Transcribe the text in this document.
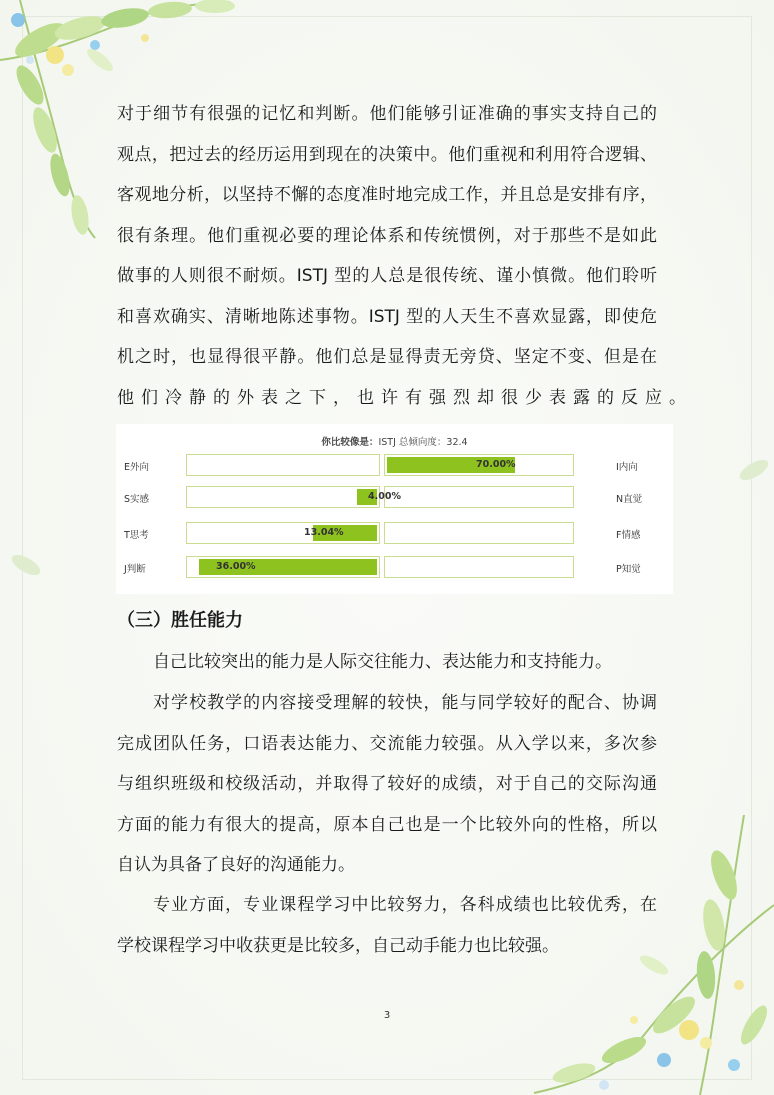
对于细节有很强的记忆和判断。他们能够引证准确的事实支持自己的
观点，把过去的经历运用到现在的决策中。他们重视和利用符合逻辑、
客观地分析，以坚持不懈的态度准时地完成工作，并且总是安排有序，
很有条理。他们重视必要的理论体系和传统惯例，对于那些不是如此
做事的人则很不耐烦。ISTJ 型的人总是很传统、谨小慎微。他们聆听
和喜欢确实、清晰地陈述事物。ISTJ 型的人天生不喜欢显露，即使危
机之时，也显得很平静。他们总是显得责无旁贷、坚定不变、但是在
他们冷静的外表之下，也许有强烈却很少表露的反应。
你比较像是：ISTJ 总倾向度：32.4
E外向	I内向
70.00%
S实感	N直觉
4.00%
T思考	F情感
13.04%
J判断	P知觉
36.00%
（三）胜任能力
自己比较突出的能力是人际交往能力、表达能力和支持能力。
对学校教学的内容接受理解的较快，能与同学较好的配合、协调
完成团队任务，口语表达能力、交流能力较强。从入学以来，多次参
与组织班级和校级活动，并取得了较好的成绩，对于自己的交际沟通
方面的能力有很大的提高，原本自己也是一个比较外向的性格，所以
自认为具备了良好的沟通能力。
专业方面，专业课程学习中比较努力，各科成绩也比较优秀，在
学校课程学习中收获更是比较多，自己动手能力也比较强。
3
